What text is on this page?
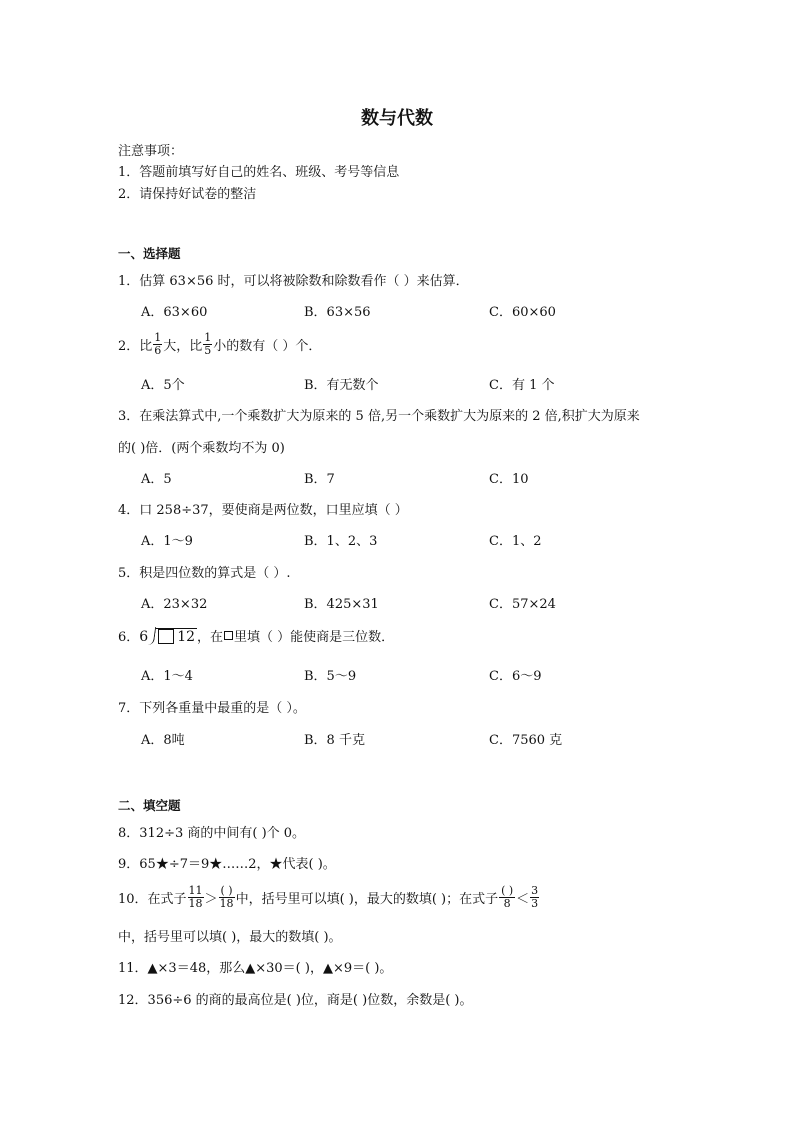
数与代数
注意事项：
1．答题前填写好自己的姓名、班级、考号等信息
2．请保持好试卷的整洁
一、选择题
1．估算 63×56 时，可以将被除数和除数看作（ ）来估算．
A．63×60	B．63×56	C．60×60
2．比 $\frac{1}{6}$ 大，比 $\frac{1}{5}$ 小的数有（ ）个．
A．5个	B．有无数个	C．有 1 个
3．在乘法算式中,一个乘数扩大为原来的 5 倍,另一个乘数扩大为原来的 2 倍,积扩大为原来
的( )倍．(两个乘数均不为 0)
A．5	B．7	C．10
4．口 258÷37，要使商是两位数，口里应填（ ）
A．1～9	B．1、2、3	C．1、2
5．积是四位数的算式是（ ）.
A．23×32	B．425×31	C．57×24
6． 6 12 ，在 里填（ ）能使商是三位数．
A．1～4	B．5～9	C．6～9
7．下列各重量中最重的是（ ）。
A．8吨	B．8 千克	C．7560 克
二、填空题
8．312÷3 商的中间有( )个 0。
9．65★÷7＝9★……2，★代表( )。
10．在式子 $\frac{11}{18} > \frac{( )}{18}$ 中，括号里可以填( )，最大的数填( )；在式子 $\frac{( )}{8} < \frac{3}{3}$
中，括号里可以填( )，最大的数填( )。
11．▲×3＝48，那么▲×30＝( )，▲×9＝( )。
12．356÷6 的商的最高位是( )位，商是( )位数，余数是( )。
